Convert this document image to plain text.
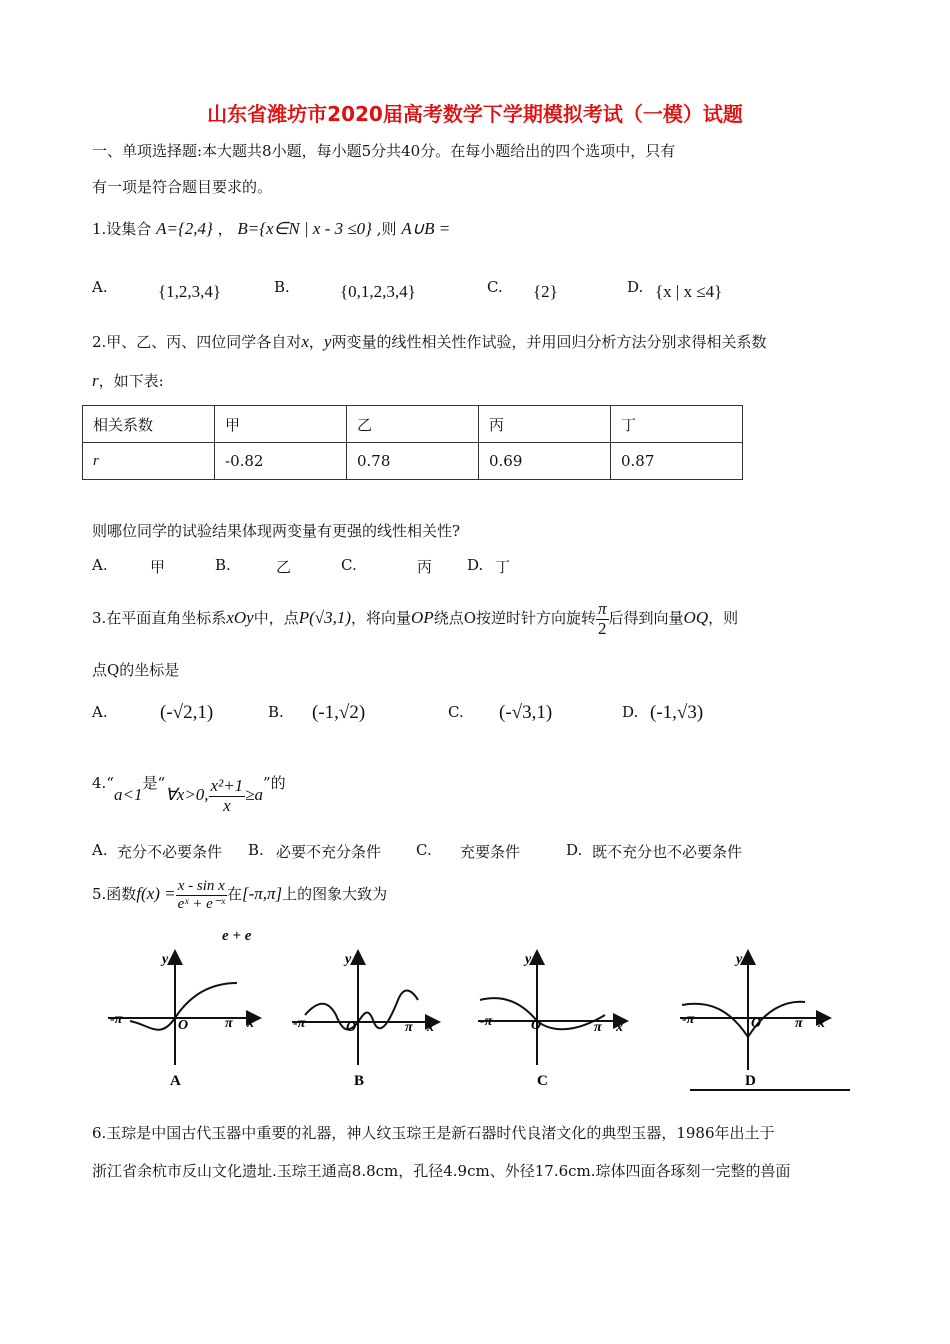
山东省潍坊市2020届高考数学下学期模拟考试（一模）试题
一、单项选择题:本大题共8小题，每小题5分共40分。在每小题给出的四个选项中，只有
有一项是符合题目要求的。
1.设集合 A={2,4} ， B={x∈N | x - 3 ≤0} ,则 A∪B =
A.	{1,2,3,4}	B.	{0,1,2,3,4}	C. {2}	D. {x | x ≤4}
2.甲、乙、丙、四位同学各自对x，y两变量的线性相关性作试验，并用回归分析方法分别求得相关系数
r，如下表:
相关系数	甲	乙	丙	丁
r	-0.82	0.78	0.69	0.87
则哪位同学的试验结果体现两变量有更强的线性相关性?
A.	甲	B.	乙	C.	丙 D. 丁
3.在平面直角坐标系xOy中，点P(√3,1)，将向量OP绕点O按逆时针方向旋转 $\frac{\pi}{2}$ 后得到向量OQ，则
点Q的坐标是
A.	(-√2,1)	B. (-1,√2)	C. (-√3,1)	D. (-1,√3)
4.“a<1是“∀x>0, $\frac{\text{x²+1}}{x} \ge a$”的
A. 充分不必要条件 B. 必要不充分条件 C. 充要条件	D. 既不充分也不必要条件
5.函数$f(x) = \frac{\text{x - sin x}}{\text{eˣ + e⁻ˣ}}$ 在[-π,π]上的图象大致为
e + e
-π	π
O	x
y
A
-π	π
O	x
y
B
-π	π
O	x
y
C
-π	π
O	x
y
D
6.玉琮是中国古代玉器中重要的礼器，神人纹玉琮王是新石器时代良渚文化的典型玉器，1986年出土于
浙江省余杭市反山文化遗址.玉琮王通高8.8cm，孔径4.9cm、外径17.6cm.琮体四面各琢刻一完整的兽面
